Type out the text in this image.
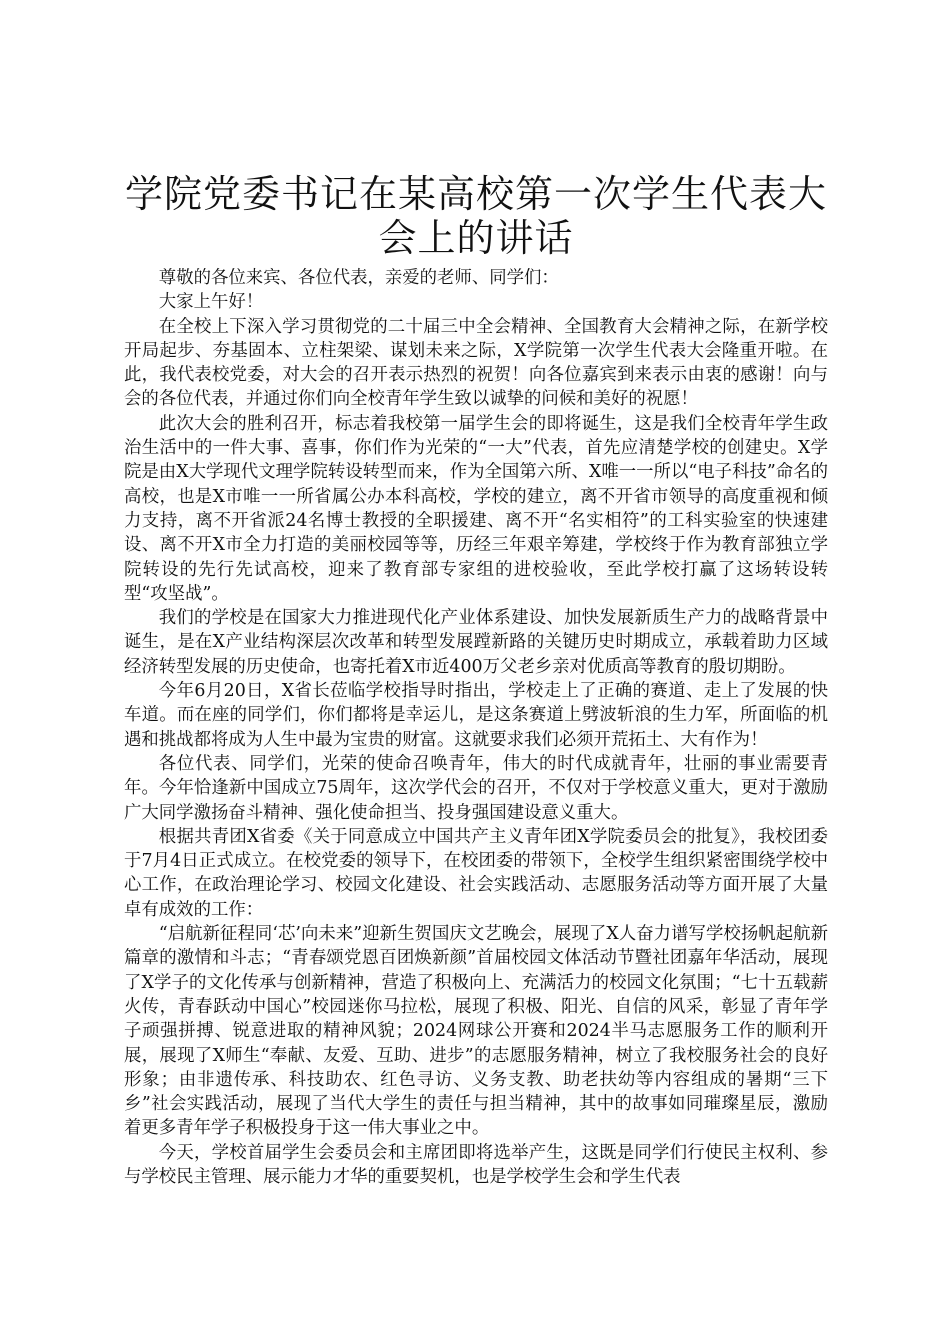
学院党委书记在某高校第一次学生代表大会上的讲话

尊敬的各位来宾、各位代表，亲爱的老师、同学们：

大家上午好！

在全校上下深入学习贯彻党的二十届三中全会精神、全国教育大会精神之际，在新学校开局起步、夯基固本、立柱架梁、谋划未来之际，X学院第一次学生代表大会隆重开啦。在此，我代表校党委，对大会的召开表示热烈的祝贺！向各位嘉宾到来表示由衷的感谢！向与会的各位代表，并通过你们向全校青年学生致以诚挚的问候和美好的祝愿！

此次大会的胜利召开，标志着我校第一届学生会的即将诞生，这是我们全校青年学生政治生活中的一件大事、喜事，你们作为光荣的“一大”代表，首先应清楚学校的创建史。X学院是由X大学现代文理学院转设转型而来，作为全国第六所、X唯一一所以“电子科技”命名的高校，也是X市唯一一所省属公办本科高校，学校的建立，离不开省市领导的高度重视和倾力支持，离不开省派24名博士教授的全职援建、离不开“名实相符”的工科实验室的快速建设、离不开X市全力打造的美丽校园等等，历经三年艰辛筹建，学校终于作为教育部独立学院转设的先行先试高校，迎来了教育部专家组的进校验收，至此学校打赢了这场转设转型“攻坚战”。

我们的学校是在国家大力推进现代化产业体系建设、加快发展新质生产力的战略背景中诞生，是在X产业结构深层次改革和转型发展蹚新路的关键历史时期成立，承载着助力区域经济转型发展的历史使命，也寄托着X市近400万父老乡亲对优质高等教育的殷切期盼。

今年6月20日，X省长莅临学校指导时指出，学校走上了正确的赛道、走上了发展的快车道。而在座的同学们，你们都将是幸运儿，是这条赛道上劈波斩浪的生力军，所面临的机遇和挑战都将成为人生中最为宝贵的财富。这就要求我们必须开荒拓土、大有作为！

各位代表、同学们，光荣的使命召唤青年，伟大的时代成就青年，壮丽的事业需要青年。今年恰逢新中国成立75周年，这次学代会的召开，不仅对于学校意义重大，更对于激励广大同学激扬奋斗精神、强化使命担当、投身强国建设意义重大。

根据共青团X省委《关于同意成立中国共产主义青年团X学院委员会的批复》，我校团委于7月4日正式成立。在校党委的领导下，在校团委的带领下，全校学生组织紧密围绕学校中心工作，在政治理论学习、校园文化建设、社会实践活动、志愿服务活动等方面开展了大量卓有成效的工作：

“启航新征程同‘芯’向未来”迎新生贺国庆文艺晚会，展现了X人奋力谱写学校扬帆起航新篇章的激情和斗志；“青春颂党恩百团焕新颜”首届校园文体活动节暨社团嘉年华活动，展现了X学子的文化传承与创新精神，营造了积极向上、充满活力的校园文化氛围；“七十五载薪火传，青春跃动中国心”校园迷你马拉松，展现了积极、阳光、自信的风采，彰显了青年学子顽强拼搏、锐意进取的精神风貌；2024网球公开赛和2024半马志愿服务工作的顺利开展，展现了X师生“奉献、友爱、互助、进步”的志愿服务精神，树立了我校服务社会的良好形象；由非遗传承、科技助农、红色寻访、义务支教、助老扶幼等内容组成的暑期“三下乡”社会实践活动，展现了当代大学生的责任与担当精神，其中的故事如同璀璨星辰，激励着更多青年学子积极投身于这一伟大事业之中。

今天，学校首届学生会委员会和主席团即将选举产生，这既是同学们行使民主权利、参与学校民主管理、展示能力才华的重要契机，也是学校学生会和学生代表
